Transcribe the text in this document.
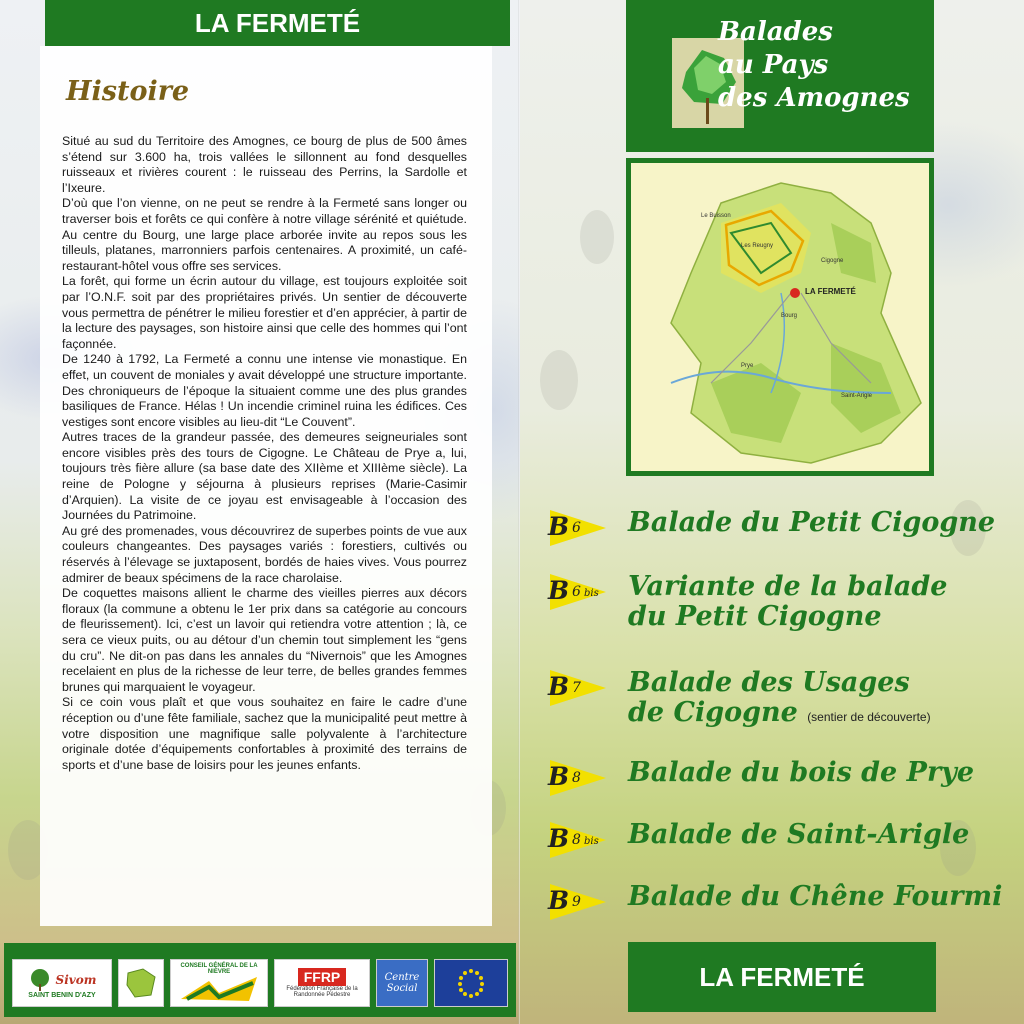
LA FERMETÉ
Histoire

Situé au sud du Territoire des Amognes, ce bourg de plus de 500 âmes s’étend sur 3.600 ha, trois vallées le sillonnent au fond desquelles ruisseaux et rivières courent : le ruisseau des Perrins, la Sardolle et l’Ixeure.

D’où que l’on vienne, on ne peut se rendre à la Fermeté sans longer ou traverser bois et forêts ce qui confère à notre village sérénité et quiétude. Au centre du Bourg, une large place arborée invite au repos sous les tilleuls, platanes, marronniers parfois centenaires. A proximité, un café-restaurant-hôtel vous offre ses services.

La forêt, qui forme un écrin autour du village, est toujours exploitée soit par l’O.N.F. soit par des propriétaires privés. Un sentier de découverte vous permettra de pénétrer le milieu forestier et d’en apprécier, à partir de la lecture des paysages, son histoire ainsi que celle des hommes qui l’ont façonnée.

De 1240 à 1792, La Fermeté a connu une intense vie monastique. En effet, un couvent de moniales y avait développé une structure importante. Des chroniqueurs de l’époque la situaient comme une des plus grandes basiliques de France. Hélas ! Un incendie criminel ruina les édifices. Ces vestiges sont encore visibles au lieu-dit “Le Couvent”.

Autres traces de la grandeur passée, des demeures seigneuriales sont encore visibles près des tours de Cigogne. Le Château de Prye a, lui, toujours très fière allure (sa base date des XIIème et XIIIème siècle). La reine de Pologne y séjourna à plusieurs reprises (Marie-Casimir d’Arquien). La visite de ce joyau est envisageable à l’occasion des Journées du Patrimoine.

Au gré des promenades, vous découvrirez de superbes points de vue aux couleurs changeantes. Des paysages variés : forestiers, cultivés ou réservés à l’élevage se juxtaposent, bordés de haies vives. Vous pourrez admirer de beaux spécimens de la race charolaise.

De coquettes maisons allient le charme des vieilles pierres aux décors floraux (la commune a obtenu le 1er prix dans sa catégorie au concours de fleurissement). Ici, c’est un lavoir qui retiendra votre attention ; là, ce sera ce vieux puits, ou au détour d’un chemin tout simplement les “gens du cru”. Ne dit-on pas dans les annales du “Nivernois” que les Amognes recelaient en plus de la richesse de leur terre, de belles grandes femmes brunes qui marquaient le voyageur.

Si ce coin vous plaît et que vous souhaitez en faire le cadre d’une réception ou d’une fête familiale, sachez que la municipalité peut mettre à votre disposition une magnifique salle polyvalente à l’architecture originale dotée d’équipements confortables à proximité des terrains de sports et d’une base de loisirs pour les jeunes enfants.

Sivom
SAINT BENIN D'AZY
CONSEIL GÉNÉRAL DE LA NIÈVRE	FFRP
Fédération Française de la Randonnée Pédestre
Centre Social
Balades
au Pays
des Amognes
LA FERMETÉ
Le Buisson
Les Reugny
Bourg
Cigogne
Prye
Saint-Arigle
B 6 Balade du Petit Cigogne
B 6 bis Variante de la balade
du Petit Cigogne
B 7 Balade des Usages
de Cigogne (sentier de découverte)
B 8 Balade du bois de Prye
B 8 bis Balade de Saint-Arigle
B 9 Balade du Chêne Fourmi
LA FERMETÉ
